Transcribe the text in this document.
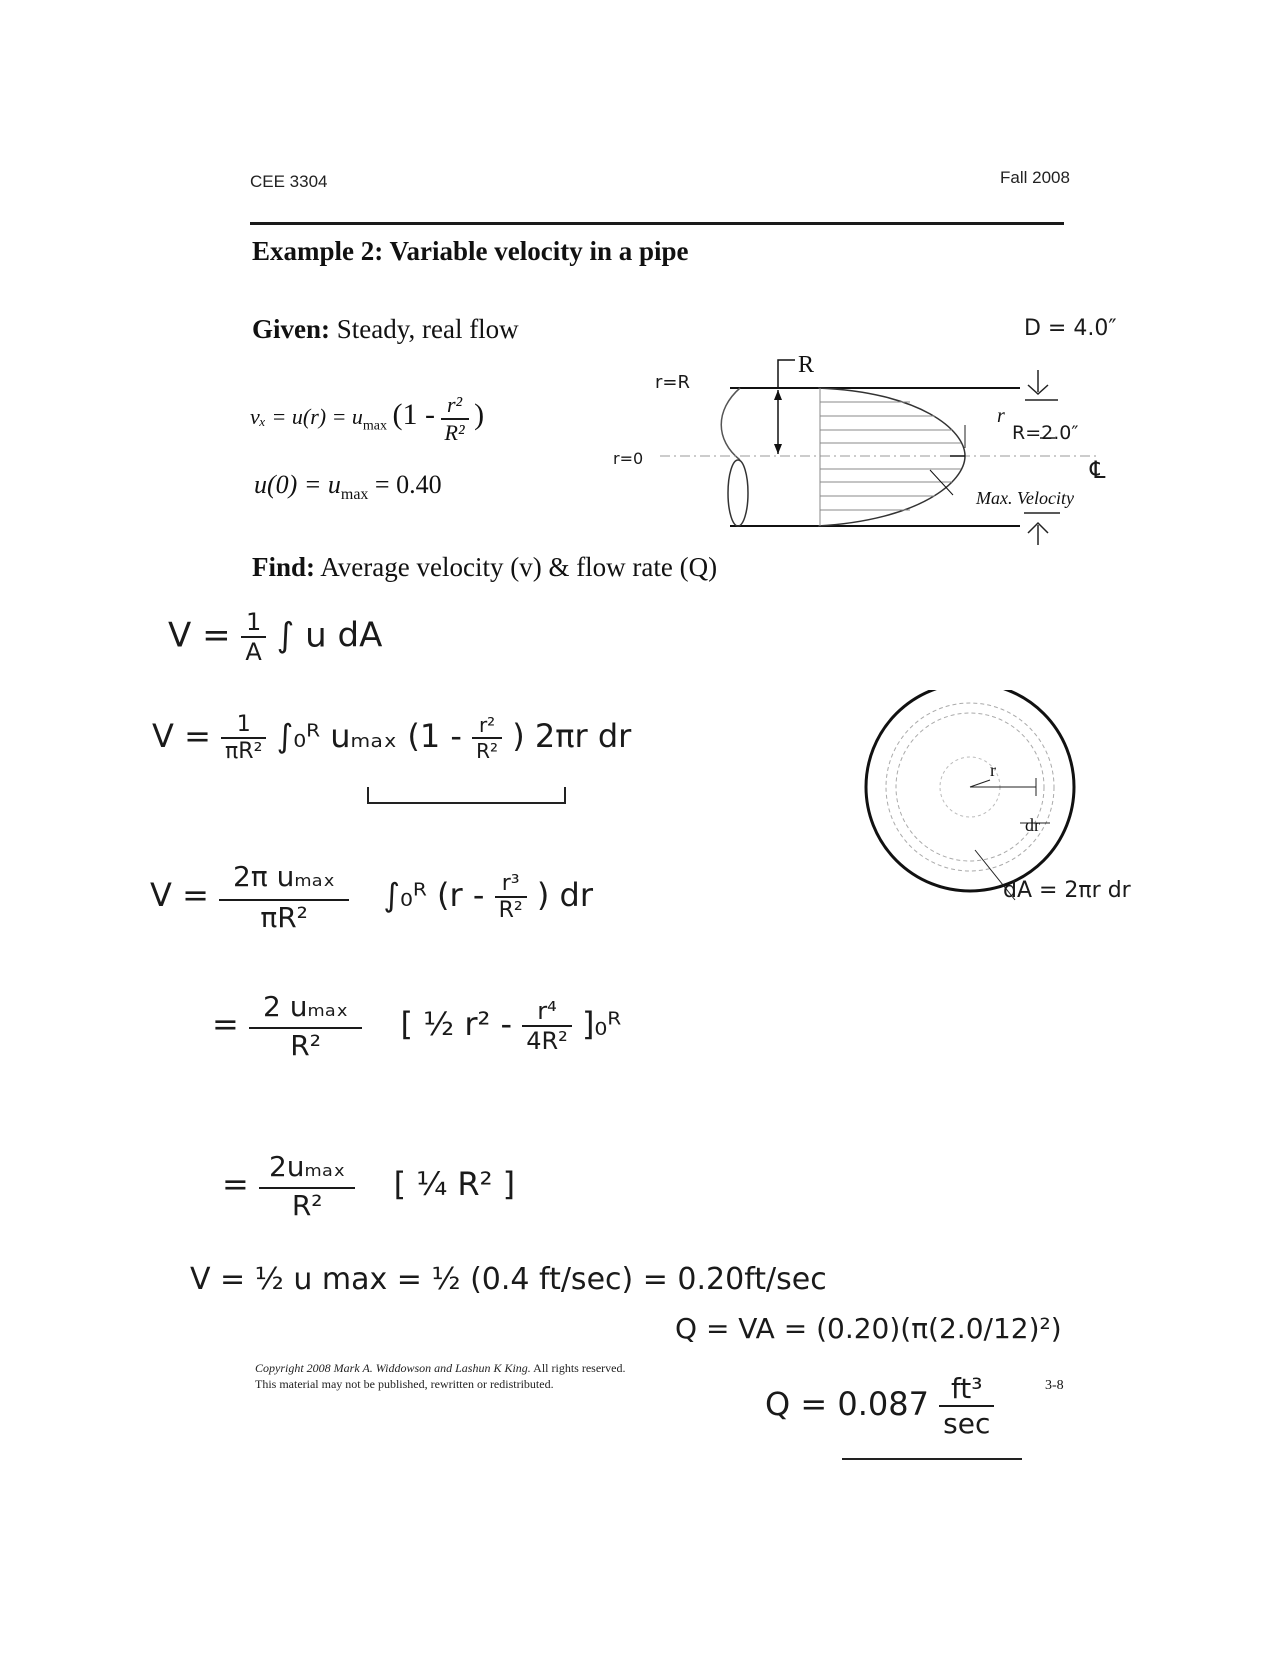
CEE 3304	Fall 2008
Example 2: Variable velocity in a pipe
Given: Steady, real flow
$v_x = u(r) = u_{max}$ ($1 - \frac{\text{r²}}{\text{R²}}$ )
$u(0) = u_{max} = 0.40$
r=R
r=0
R
r
D = 4.0″
R=2.0″
℄
Max. Velocity
Find: Average velocity (v) & flow rate (Q)
$V = \frac{1}{A}$ ∫ u dA
$V = \frac{1}{\text{πR²}}$ ∫₀ᴿ uₘₐₓ ($1 - \frac{\text{r²}}{\text{R²}}$ ) 2πr dr
$V = \frac{\text{2π uₘₐₓ}}{\text{πR²}}$ ∫₀ᴿ ($r - \frac{\text{r³}}{\text{R²}}$ ) dr
= $\frac{\text{2 uₘₐₓ}}{\text{R²}}$ [ ½ $r^2 - \frac{\text{r⁴}}{\text{4R²}}$ ]₀ᴿ
= $\frac{\text{2uₘₐₓ}}{\text{R²}}$ [ ¼ R² ]
V = ½ u max = ½ (0.4 ft/sec) = 0.20ft/sec
Q = VA = (0.20)(π(2.0/12)²)
$Q = 0.087 \frac{\text{ft³}}{\sec}$
r
dr
dA = 2πr dr
Copyright 2008 Mark A. Widdowson and Lashun K King. All rights reserved.
This material may not be published, rewritten or redistributed.	3-8
